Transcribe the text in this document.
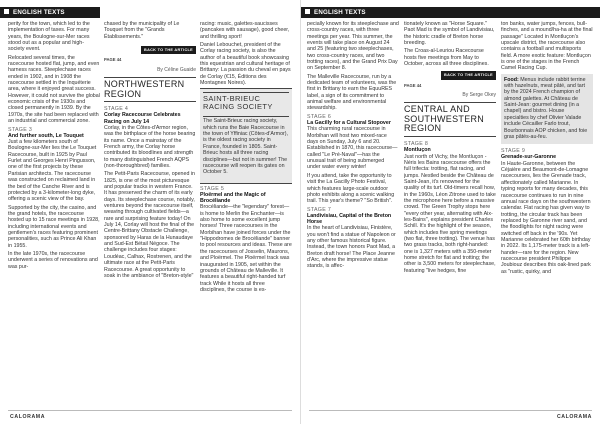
ENGLISH TEXTS

perity for the town, which led to the implementation of taxes. For many years, the Boulogne-sur-Mer races stood out as a popular and high-society event.

Relocated several times, the racecourse hosted flat, jump, and even harness races. Steeplechase races ended in 1902, and in 1908 the racecourse settled in the Inquéterie area, where it enjoyed great success. However, it could not survive the global economic crisis of the 1930s and closed permanently in 1939. By the 1970s, the site had been replaced with an industrial and commercial zone.

STAGE 3
And further south, Le Touquet

Just a few kilometers south of Boulogne-sur-Mer lies the Le Touquet Racecourse, built in 1925 by Paul Furlet and Georges Henri Pingusson, one of the first projects by these Parisian architects. The racecourse was constructed on reclaimed land in the bed of the Canche River and is protected by a 3-kilometer-long dyke, offering a scenic view of the bay.

Supported by the city, the casino, and the grand hotels, the racecourse hosted up to 15 race meetings in 1928, including international events and gentlemen's races featuring prominent personalities, such as Prince Ali Khan in 1955.

In the late 1970s, the racecourse underwent a series of renovations and was pur-

chased by the municipality of Le Touquet from the "Grands Établissements."

BACK TO THE ARTICLE
PAGE 44
By Céline Guaide
NORTHWESTERN REGION
STAGE 4
Corlay Racecourse Celebrates Racing on July 14

Corlay, in the Côtes-d'Armor region, was the birthplace of the horse bearing its name. Once a mainstay of the French army, the Corlay horse contributed its bloodlines and strength to many distinguished French AQPS (non-thoroughbred) families.

The Petit-Paris Racecourse, opened in 1825, is one of the most picturesque and popular tracks in western France. It has preserved the charm of its early days. Its steeplechase course, notably, ventures beyond the racecourse itself, weaving through cultivated fields—a rare and surprising feature today! On July 14, Corlay will host the final of the Centre-Brittany Obstacle Challenge, sponsored by Haras de la Hunaudaye and Sud-Est Bétail Négoce. The challenge includes four stages: Loudéac, Calhax, Rostrenen, and the ultimate race at the Petit-Paris Racecourse. A great opportunity to soak in the ambiance of "Breton-style"

racing: music, galettes-saucisses (pancakes with sausage), good cheer, and thrilling sport!

Daniel Lebouchet, president of the Corlay racing society, is also the author of a beautiful book showcasing this equestrian and cultural heritage of Brittany: La passion du cheval en pays de Corlay (€15, Éditions des Montagnes Noires).

SAINT-BRIEUC RACING SOCIETY

The Saint-Brieuc racing society, which runs the Baie Racecourse in the town of Yffiniac (Côtes-d'Armor), is the oldest racing society in France, founded in 1805. Saint-Brieuc hosts all three racing disciplines—but not in summer! The racecourse will reopen its gates on October 5.

STAGE 5
Ploërmel and the Magic of Brocéliande

Brocéliande—the "legendary" forest—is home to Merlin the Enchanter—is also home to some excellent jump horses! Three racecourses in the Morbihan have joined forces under the "Hippodromes de Brocéliande" banner to pool resources and ideas. These are the racecourses of Josselin, Maurons, and Ploërmel. The Ploërmel track was inaugurated in 1905, set within the grounds of Château de Malleville. It features a beautiful right-handed turf track While it hosts all three disciplines, the course is es-

CALORAMA
ENGLISH TEXTS

pecially known for its steeplechase and cross-country races, with three meetings per year. This summer, the events will take place on August 24 and 25 (featuring two steeplechases, two cross-country races, and two trotting races), and the Grand Prix Day on September 8.

The Malleville Racecourse, run by a dedicated team of volunteers, was the first in Brittany to earn the EquuRES label, a sign of its commitment to animal welfare and environmental stewardship.

STAGE 6
La Gacilly for a Cultural Stopover

This charming rural racecourse in Morbihan will host two mixed-race days on Sunday, July 6 and 20. Established in 1870, this racecourse—called "Le Pré-Naval"—has the unusual trait of being submerged under water every winter!

If you attend, take the opportunity to visit the La Gacilly Photo Festival, which features large-scale outdoor photo exhibits along a scenic walking trail. This year's theme? "So British".

STAGE 7
Landivisiau, Capital of the Breton Horse

In the heart of Landivisiau, Finistère, you won't find a statue of Napoleon or any other famous historical figure. Instead, the town honors Paot Mad, a Breton draft horse! The Place Jeanne d'Arc, where the impressive statue stands, is affec-

tionately known as "Horse Square." Paot Mad is the symbol of Landivisiau, the historic cradle of Breton horse breeding.

The Croas-al-Leuriou Racecourse hosts five meetings from May to October, across all three disciplines.

BACK TO THE ARTICLE
PAGE 44
By Serge Okey
CENTRAL AND SOUTHWESTERN REGION
STAGE 8
Montluçon

Just north of Vichy, the Montluçon - Néris les Bains racecourse offers the full trifecta: trotting, flat racing, and jumps. Nestled beside the Château de Saint-Jean, it's renowned for the quality of its turf. Old-timers recall how, in the 1960s, Léon Zitrone used to take the microphone here before a massive crowd. The Green Trophy stops here "every other year, alternating with Aix-les-Bains", explains president Charles Schill. It's the highlight of the season, which includes five spring meetings (two flat, three trotting). The venue has two grass tracks, both right-handed: one is 1,327 meters with a 350-meter home stretch for flat and trotting; the other is 3,500 meters for steeplechase, featuring "live hedges, fine

ton banks, water jumps, fences, bull-finches, and a mound/ha-ha at the final passage" Located in Montluçon's upscale district, the racecourse also contains a football and multisports field. A more exotic feature: Montluçon is one of the stages in the French Camel Racing Cup.

Food: Menus include rabbit terrine with hazelnuts, meat pâté, and tart by the 2024 French champion of almond galettes. At Château de Saint-Jean: gourmet dining (in a chapel) and bistro. House specialties by chef Olivier Valade include Cécailler Farlo trout, Bourbonnais AOP chicken, and foie gras pâtés-au-feu.
STAGE 9
Grenade-sur-Garonne

In Haute-Garonne, between the Céjaière and Beaumont-de-Lomagne racecourses, lies the Grenade track, affectionately called Marianne. In typing reports for many decades, this racecourse continues to run in nine annual race days on the southwestern calendar. Flat racing has given way to trotting, the circular track has been replaced by Garonne river sand, and the floodlights for night racing were switched off back in the '90s. Yet Marianne celebrated her 60th birthday in 2022. Its 1,175-meter track is a left-hander—rare for the region. New racecourse president Philippe Joubiouz describes this oak-lined park as "rustic, quirky, and

CALORAMA
